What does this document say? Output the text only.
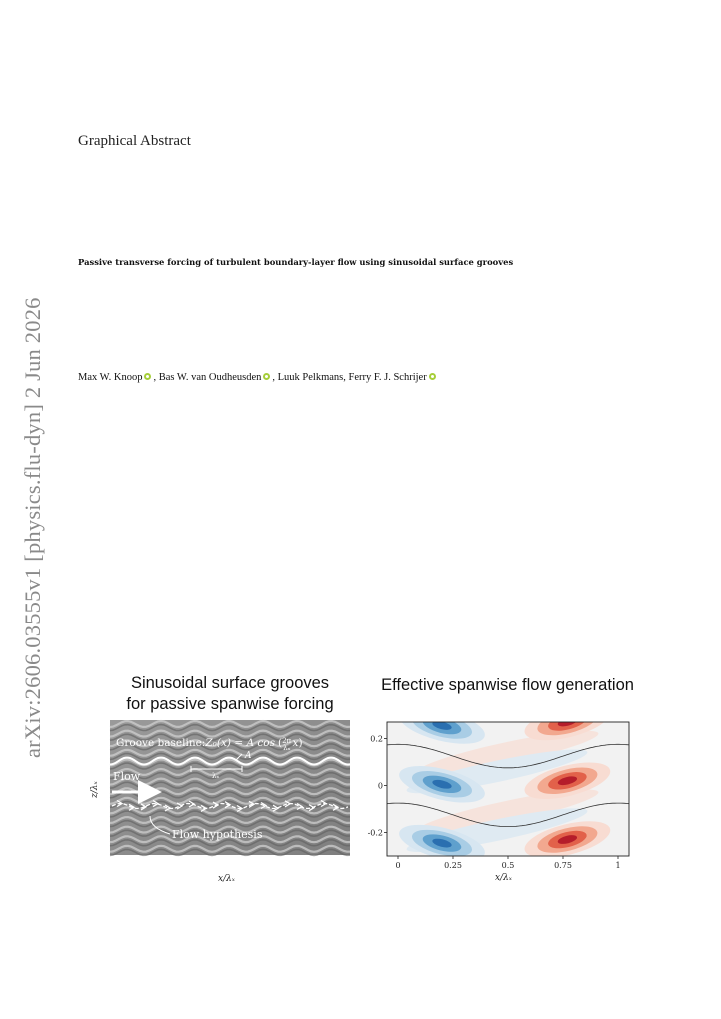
arXiv:2606.03555v1 [physics.flu-dyn] 2 Jun 2026
Graphical Abstract
Passive transverse forcing of turbulent boundary-layer flow using sinusoidal surface grooves
Max W. Knoop , Bas W. van Oudheusden , Luuk Pelkmans, Ferry F. J. Schrijer
Sinusoidal surface grooves
for passive spanwise forcing
λₓ
A
Groove baseline:Z₀(x) = A cos ($^{2\pi}$ λₓ x)
Flow
Flow hypothesis
x/λₓ
z/λₓ
Effective spanwise flow generation
0	0.25	0.5	0.75	1
0.2
0
-0.2
x/λₓ
